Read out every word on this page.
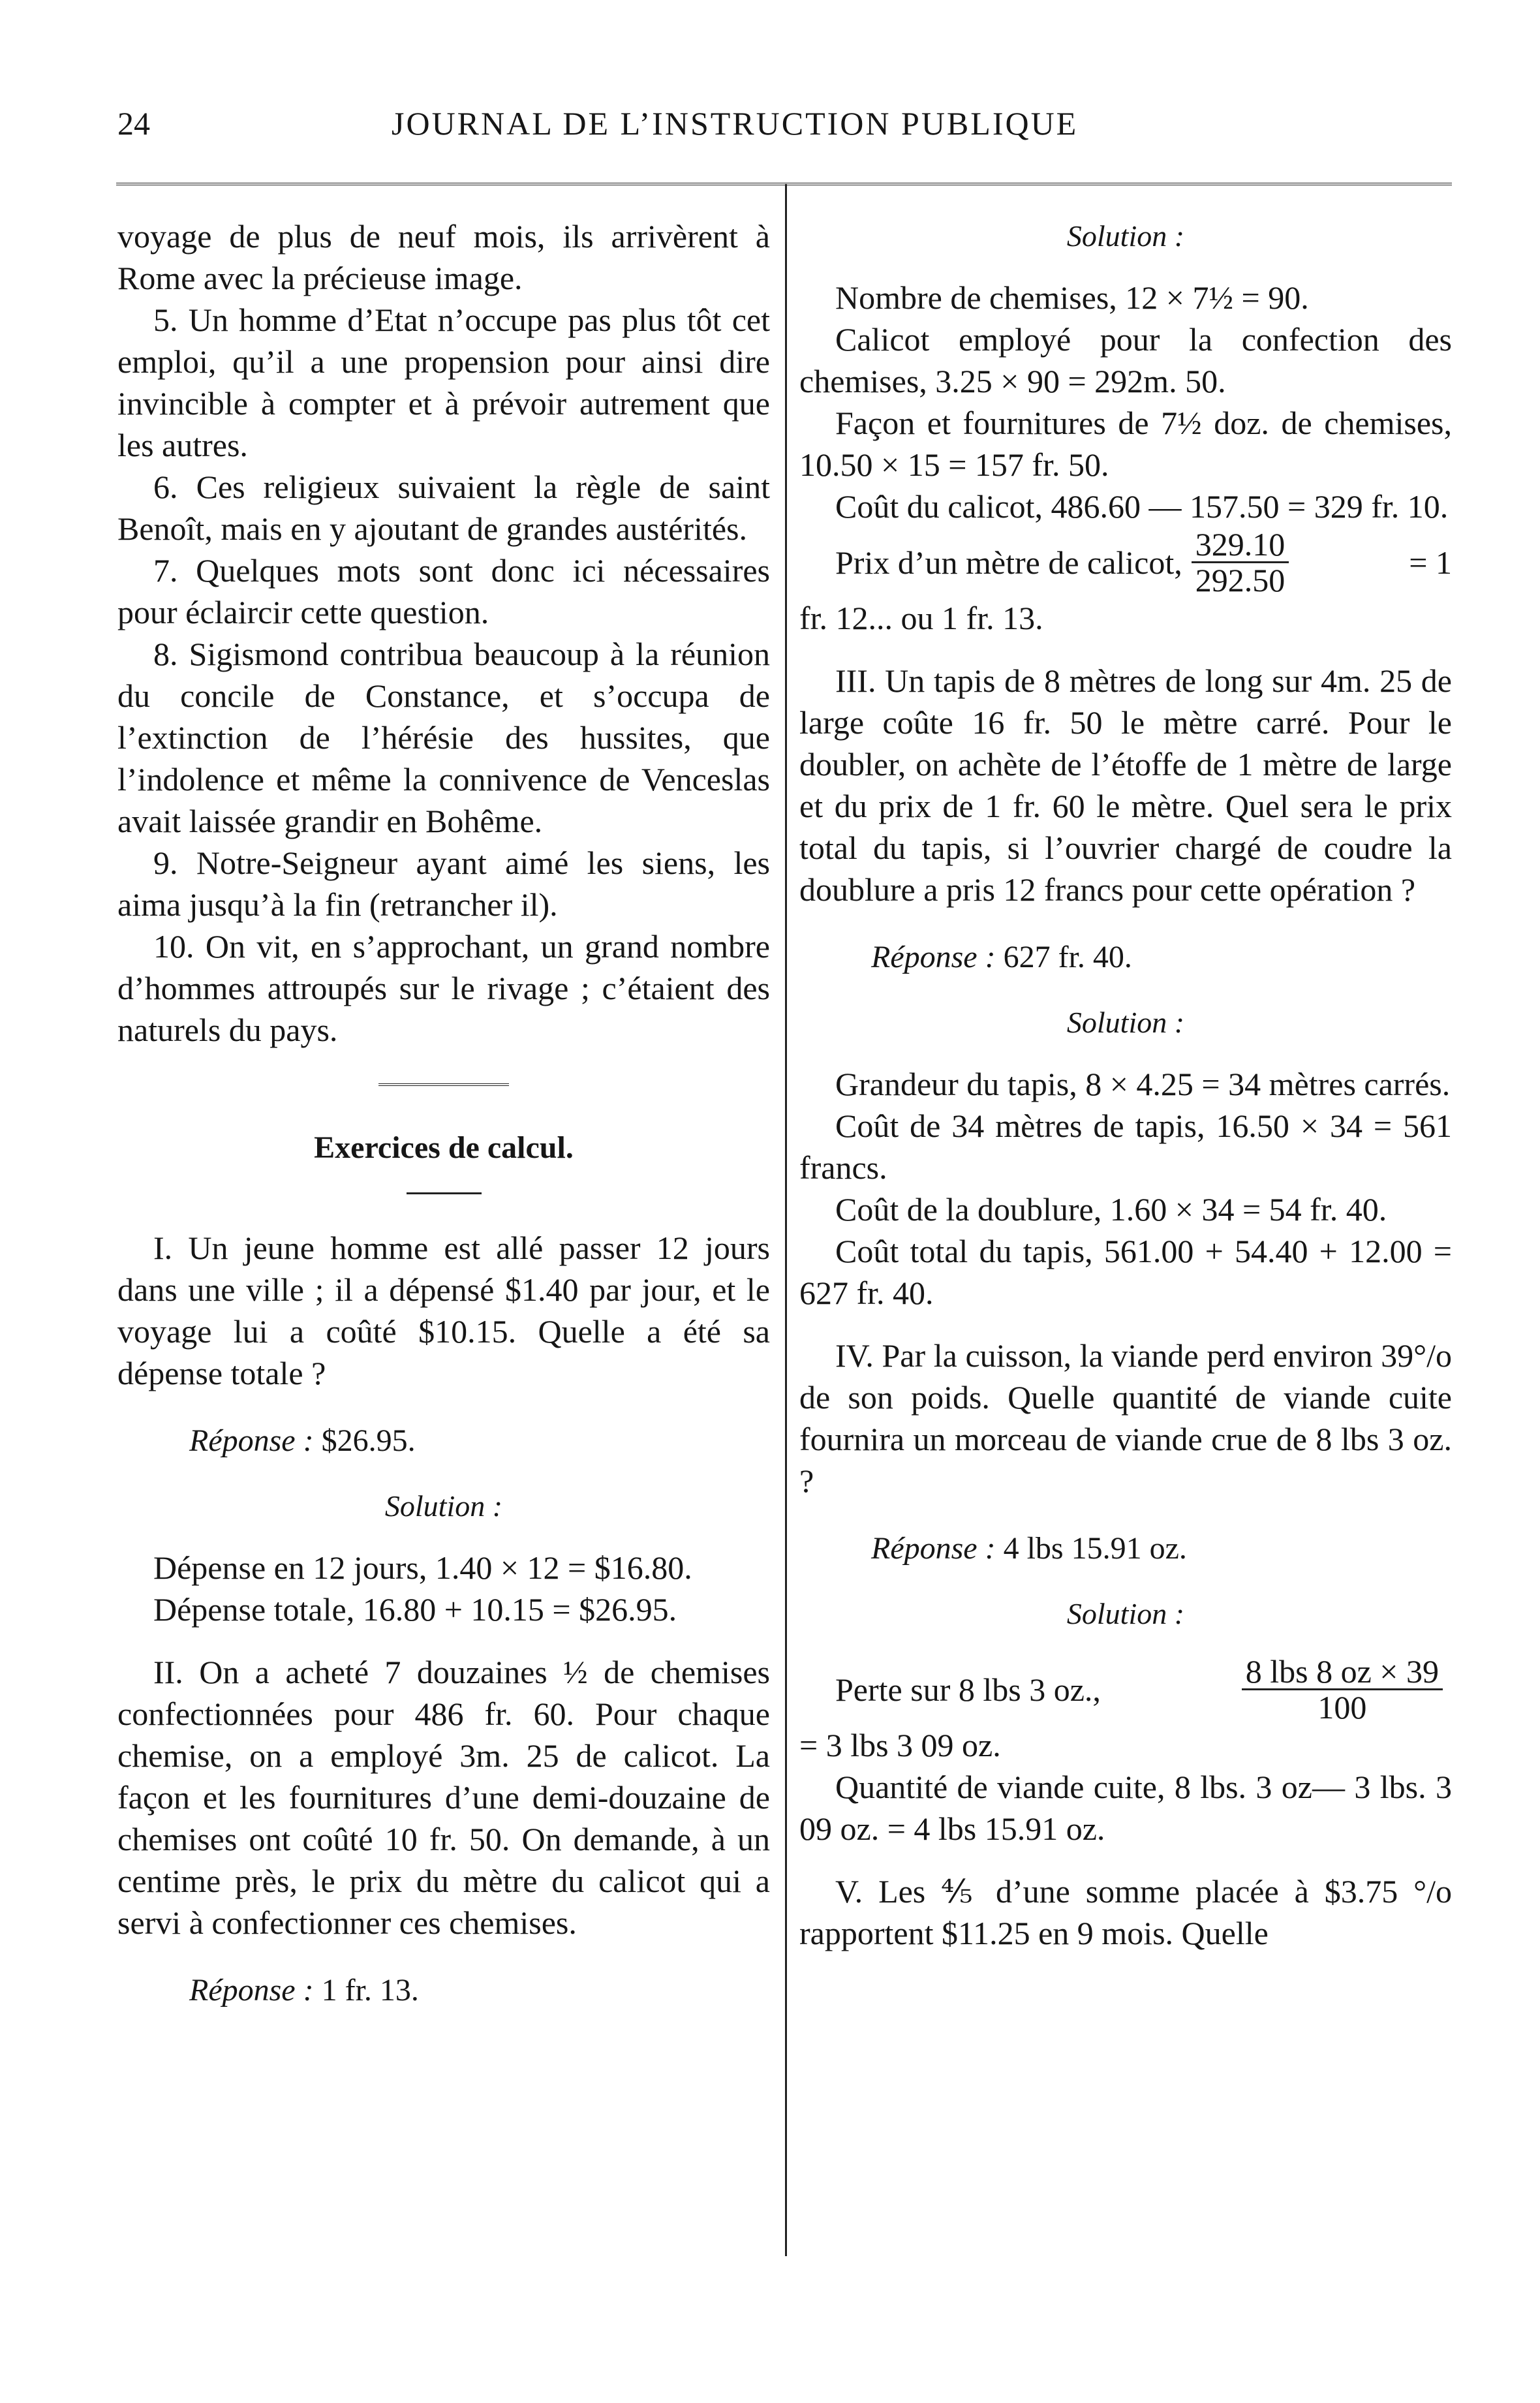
24	JOURNAL DE L’INSTRUCTION PUBLIQUE

voyage de plus de neuf mois, ils arrivèrent à Rome avec la précieuse image.

5. Un homme d’Etat n’occupe pas plus tôt cet emploi, qu’il a une propension pour ainsi dire invincible à compter et à prévoir autrement que les autres.

6. Ces religieux suivaient la règle de saint Benoît, mais en y ajoutant de grandes austérités.

7. Quelques mots sont donc ici nécessaires pour éclaircir cette question.

8. Sigismond contribua beaucoup à la réunion du concile de Constance, et s’occupa de l’extinction de l’hérésie des hussites, que l’indolence et même la connivence de Venceslas avait laissée grandir en Bohême.

9. Notre-Seigneur ayant aimé les siens, les aima jusqu’à la fin (retrancher il).

10. On vit, en s’approchant, un grand nombre d’hommes attroupés sur le rivage ; c’étaient des naturels du pays.

Exercices de calcul.

I. Un jeune homme est allé passer 12 jours dans une ville ; il a dépensé $1.40 par jour, et le voyage lui a coûté $10.15. Quelle a été sa dépense totale ?

Réponse : $26.95.

Solution :

Dépense en 12 jours, 1.40 × 12 = $16.80.

Dépense totale, 16.80 + 10.15 = $26.95.

II. On a acheté 7 douzaines ½ de chemises confectionnées pour 486 fr. 60. Pour chaque chemise, on a employé 3m. 25 de calicot. La façon et les fournitures d’une demi-douzaine de chemises ont coûté 10 fr. 50. On demande, à un centime près, le prix du mètre du calicot qui a servi à confectionner ces chemises.

Réponse : 1 fr. 13.

Solution :

Nombre de chemises, 12 × 7½ = 90.

Calicot employé pour la confection des chemises, 3.25 × 90 = 292m. 50.

Façon et fournitures de 7½ doz. de chemises, 10.50 × 15 = 157 fr. 50.

Coût du calicot, 486.60 — 157.50 = 329 fr. 10.

Prix d’un mètre de calicot, $\frac{329.10}{292.50}$	= 1

fr. 12... ou 1 fr. 13.

III. Un tapis de 8 mètres de long sur 4m. 25 de large coûte 16 fr. 50 le mètre carré. Pour le doubler, on achète de l’étoffe de 1 mètre de large et du prix de 1 fr. 60 le mètre. Quel sera le prix total du tapis, si l’ouvrier chargé de coudre la doublure a pris 12 francs pour cette opération ?

Réponse : 627 fr. 40.

Solution :

Grandeur du tapis, 8 × 4.25 = 34 mètres carrés.

Coût de 34 mètres de tapis, 16.50 × 34 = 561 francs.

Coût de la doublure, 1.60 × 34 = 54 fr. 40.

Coût total du tapis, 561.00 + 54.40 + 12.00 = 627 fr. 40.

IV. Par la cuisson, la viande perd environ 39°/o de son poids. Quelle quantité de viande cuite fournira un morceau de viande crue de 8 lbs 3 oz. ?

Réponse : 4 lbs 15.91 oz.

Solution :

Perte sur 8 lbs 3 oz.,	$\frac{\text{8 lbs 8 oz × 39}}{100}$

= 3 lbs 3 09 oz.

Quantité de viande cuite, 8 lbs. 3 oz— 3 lbs. 3 09 oz. = 4 lbs 15.91 oz.

V. Les ⅘ d’une somme placée à $3.75 °/o rapportent $11.25 en 9 mois. Quelle
